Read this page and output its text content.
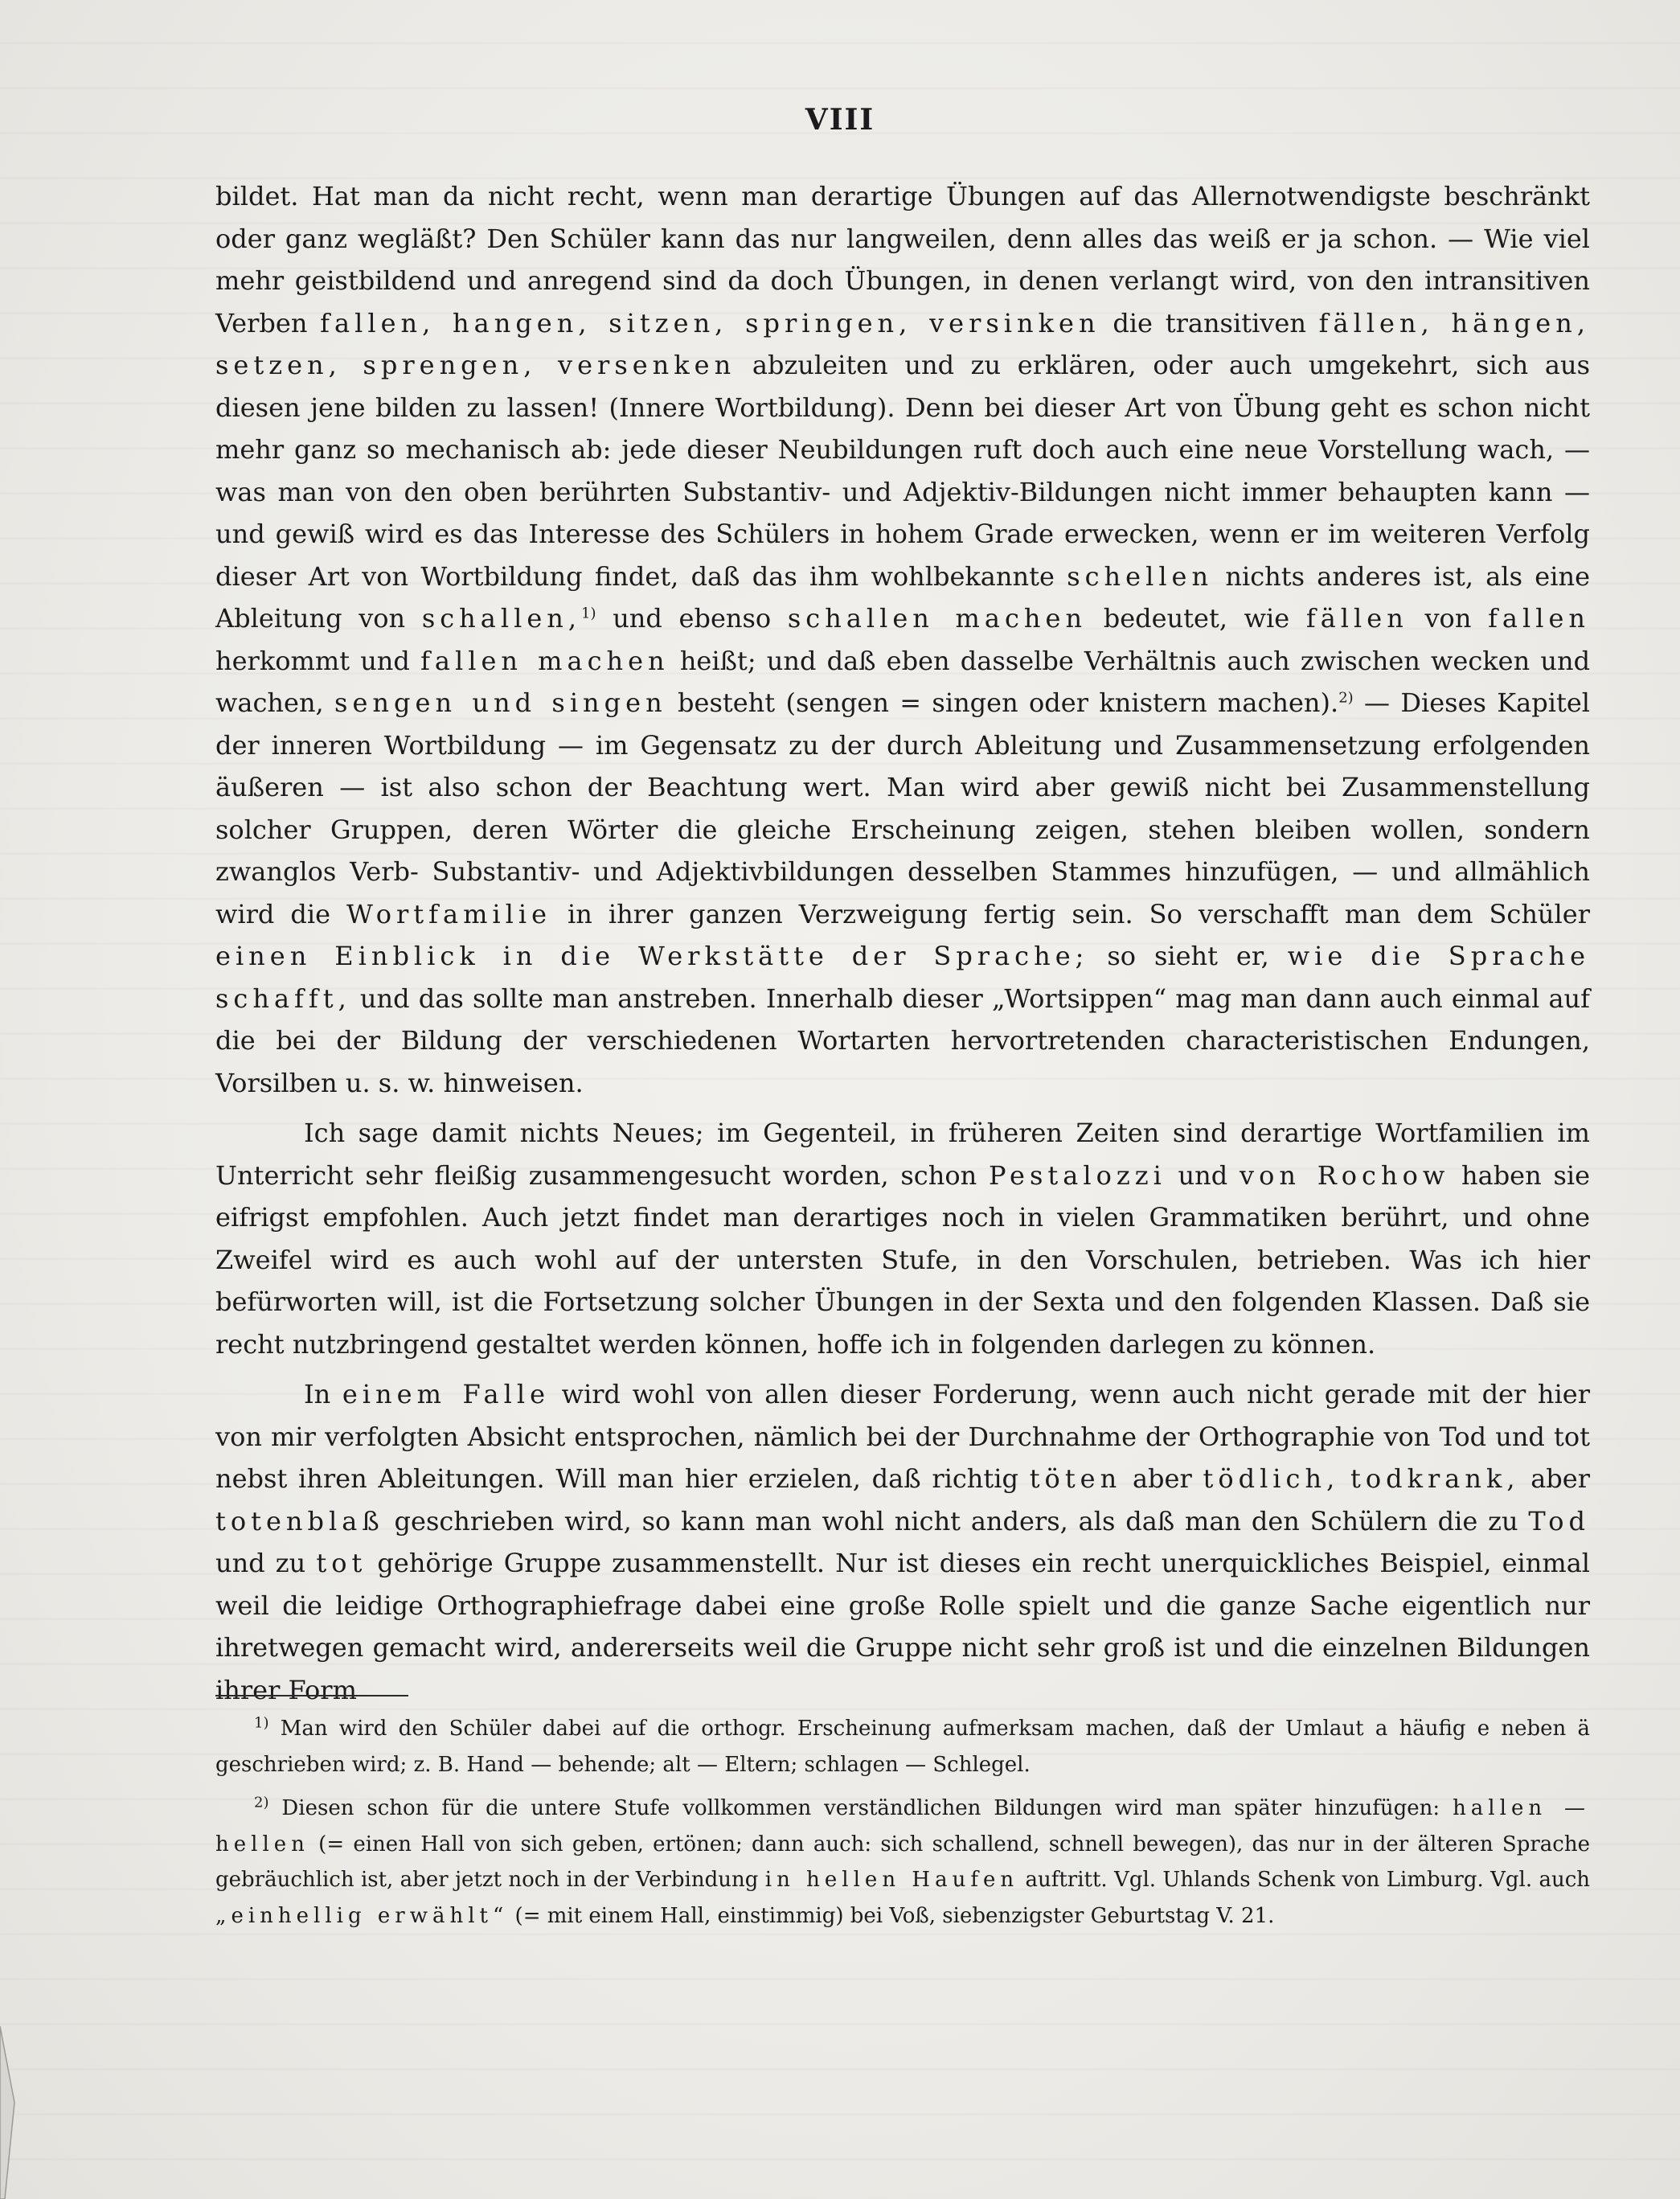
VIII

bildet. Hat man da nicht recht, wenn man derartige Übungen auf das Allernotwendigste beschränkt oder ganz wegläßt? Den Schüler kann das nur langweilen, denn alles das weiß er ja schon. — Wie viel mehr geistbildend und anregend sind da doch Übungen, in denen verlangt wird, von den intransitiven Verben fallen, hangen, sitzen, springen, versinken die transitiven fällen, hängen, setzen, sprengen, versenken abzuleiten und zu erklären, oder auch umgekehrt, sich aus diesen jene bilden zu lassen! (Innere Wortbildung). Denn bei dieser Art von Übung geht es schon nicht mehr ganz so mechanisch ab: jede dieser Neubildungen ruft doch auch eine neue Vorstellung wach, — was man von den oben berührten Substantiv- und Adjektiv-Bildungen nicht immer behaupten kann — und gewiß wird es das Interesse des Schülers in hohem Grade erwecken, wenn er im weiteren Verfolg dieser Art von Wortbildung findet, daß das ihm wohlbekannte schellen nichts anderes ist, als eine Ableitung von schallen,$^{1)}$ und ebenso schallen machen bedeutet, wie fällen von fallen herkommt und fallen machen heißt; und daß eben dasselbe Verhältnis auch zwischen wecken und wachen, sengen und singen besteht (sengen = singen oder knistern machen).$^{2)}$ — Dieses Kapitel der inneren Wortbildung — im Gegensatz zu der durch Ableitung und Zusammensetzung erfolgenden äußeren — ist also schon der Beachtung wert. Man wird aber gewiß nicht bei Zusammenstellung solcher Gruppen, deren Wörter die gleiche Erscheinung zeigen, stehen bleiben wollen, sondern zwanglos Verb- Substantiv- und Adjektivbildungen desselben Stammes hinzufügen, — und allmählich wird die Wortfamilie in ihrer ganzen Verzweigung fertig sein. So verschafft man dem Schüler einen Einblick in die Werkstätte der Sprache; so sieht er, wie die Sprache schafft, und das sollte man anstreben. Innerhalb dieser „Wortsippen“ mag man dann auch einmal auf die bei der Bildung der verschiedenen Wortarten hervortretenden characteristischen Endungen, Vorsilben u. s. w. hinweisen.

Ich sage damit nichts Neues; im Gegenteil, in früheren Zeiten sind derartige Wortfamilien im Unterricht sehr fleißig zusammengesucht worden, schon Pestalozzi und von Rochow haben sie eifrigst empfohlen. Auch jetzt findet man derartiges noch in vielen Grammatiken berührt, und ohne Zweifel wird es auch wohl auf der untersten Stufe, in den Vorschulen, betrieben. Was ich hier befürworten will, ist die Fortsetzung solcher Übungen in der Sexta und den folgenden Klassen. Daß sie recht nutzbringend gestaltet werden können, hoffe ich in folgenden darlegen zu können.

In einem Falle wird wohl von allen dieser Forderung, wenn auch nicht gerade mit der hier von mir verfolgten Absicht entsprochen, nämlich bei der Durchnahme der Orthographie von Tod und tot nebst ihren Ableitungen. Will man hier erzielen, daß richtig töten aber tödlich, todkrank, aber totenblaß geschrieben wird, so kann man wohl nicht anders, als daß man den Schülern die zu Tod und zu tot gehörige Gruppe zusammenstellt. Nur ist dieses ein recht unerquickliches Beispiel, einmal weil die leidige Orthographiefrage dabei eine große Rolle spielt und die ganze Sache eigentlich nur ihretwegen gemacht wird, andererseits weil die Gruppe nicht sehr groß ist und die einzelnen Bildungen ihrer Form

$^{1)}$ Man wird den Schüler dabei auf die orthogr. Erscheinung aufmerksam machen, daß der Umlaut a häufig e neben ä geschrieben wird; z. B. Hand — behende; alt — Eltern; schlagen — Schlegel.

$^{2)}$ Diesen schon für die untere Stufe vollkommen verständlichen Bildungen wird man später hinzufügen: hallen — hellen (= einen Hall von sich geben, ertönen; dann auch: sich schallend, schnell bewegen), das nur in der älteren Sprache gebräuchlich ist, aber jetzt noch in der Verbindung in hellen Haufen auftritt. Vgl. Uhlands Schenk von Limburg. Vgl. auch „einhellig erwählt“ (= mit einem Hall, einstimmig) bei Voß, siebenzigster Geburtstag V. 21.
